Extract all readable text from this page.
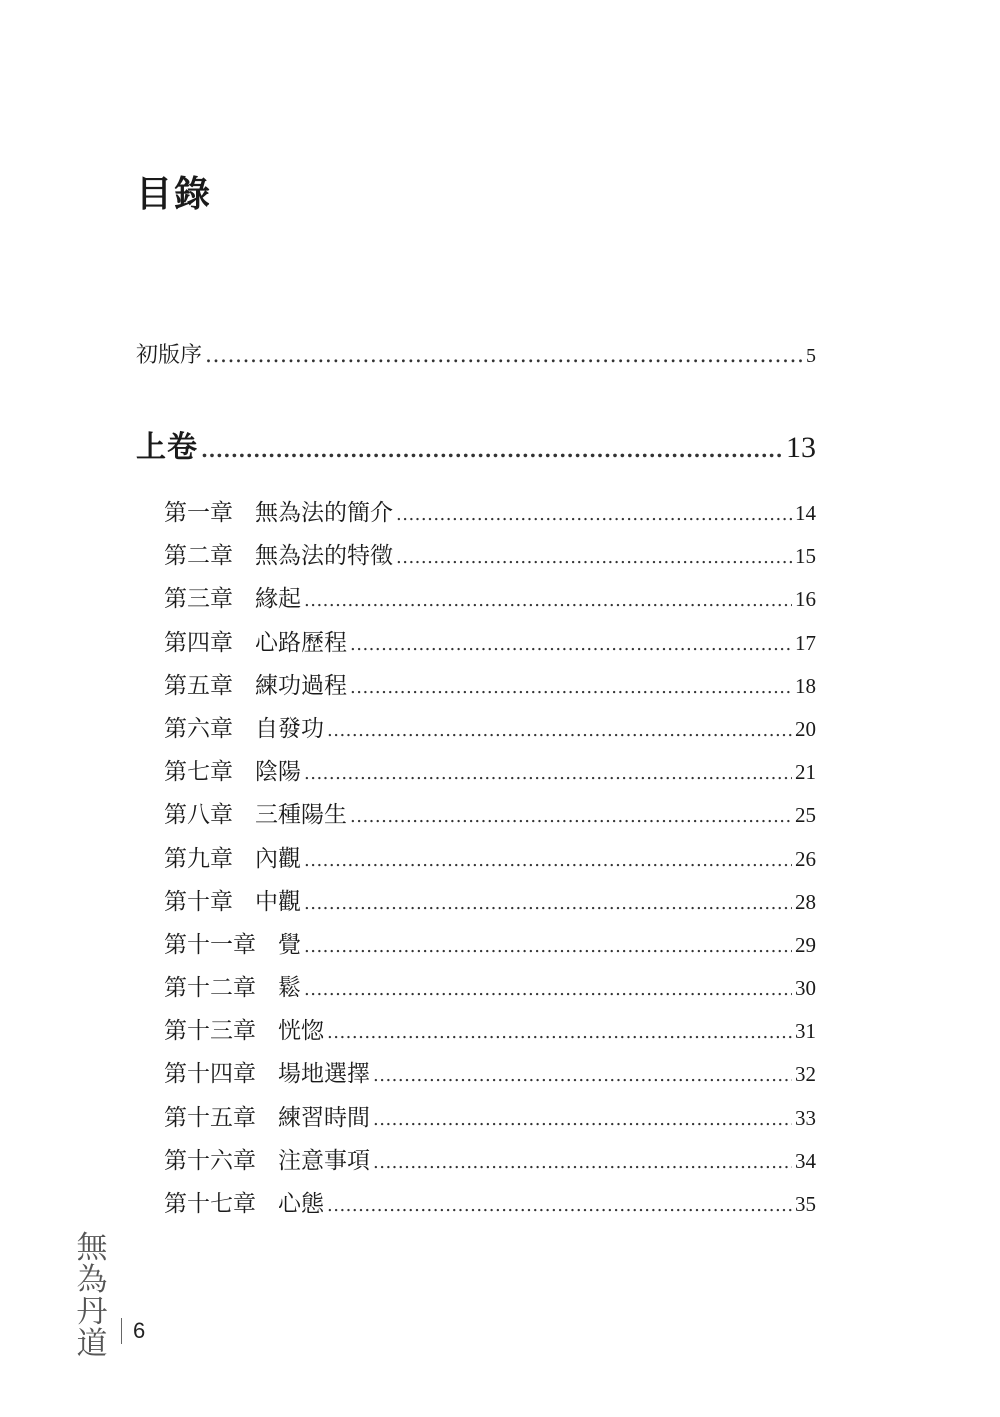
目錄
初版序 .....	5
上卷 .....	13
第一章 無為法的簡介 .....	14
第二章 無為法的特徵 .....	15
第三章 緣起 .....	16
第四章 心路歷程 .....	17
第五章 練功過程 .....	18
第六章 自發功 .....	20
第七章 陰陽 .....	21
第八章 三種陽生 .....	25
第九章 內觀 .....	26
第十章 中觀 .....	28
第十一章 覺 .....	29
第十二章 鬆 .....	30
第十三章 恍惚 .....	31
第十四章 場地選擇 .....	32
第十五章 練習時間 .....	33
第十六章 注意事項 .....	34
第十七章 心態 .....	35
無
為
丹
道 6
